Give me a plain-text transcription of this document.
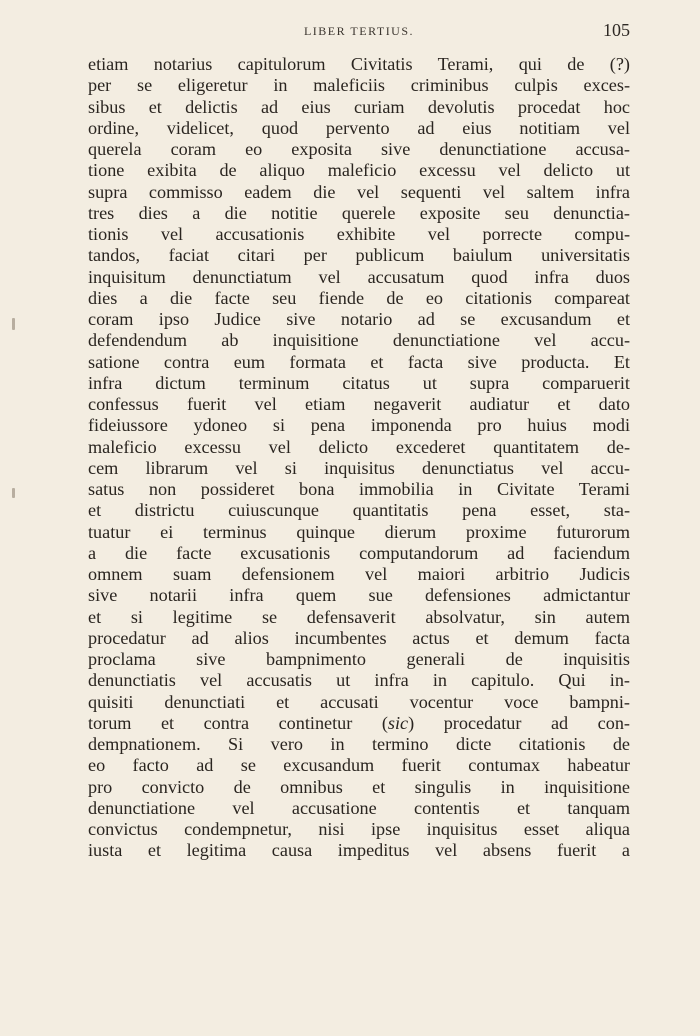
LIBER TERTIUS.	105
etiam notarius capitulorum Civitatis Terami, qui de (?)
per se eligeretur in maleficiis criminibus culpis exces-
sibus et delictis ad eius curiam devolutis procedat hoc
ordine, videlicet, quod pervento ad eius notitiam vel
querela coram eo exposita sive denunctiatione accusa-
tione exibita de aliquo maleficio excessu vel delicto ut
supra commisso eadem die vel sequenti vel saltem infra
tres dies a die notitie querele exposite seu denunctia-
tionis vel accusationis exhibite vel porrecte compu-
tandos, faciat citari per publicum baiulum universitatis
inquisitum denunctiatum vel accusatum quod infra duos
dies a die facte seu fiende de eo citationis compareat
coram ipso Judice sive notario ad se excusandum et
defendendum ab inquisitione denunctiatione vel accu-
satione contra eum formata et facta sive producta. Et
infra dictum terminum citatus ut supra comparuerit
confessus fuerit vel etiam negaverit audiatur et dato
fideiussore ydoneo si pena imponenda pro huius modi
maleficio excessu vel delicto excederet quantitatem de-
cem librarum vel si inquisitus denunctiatus vel accu-
satus non possideret bona immobilia in Civitate Terami
et districtu cuiuscunque quantitatis pena esset, sta-
tuatur ei terminus quinque dierum proxime futurorum
a die facte excusationis computandorum ad faciendum
omnem suam defensionem vel maiori arbitrio Judicis
sive notarii infra quem sue defensiones admictantur
et si legitime se defensaverit absolvatur, sin autem
procedatur ad alios incumbentes actus et demum facta
proclama sive bampnimento generali de inquisitis
denunctiatis vel accusatis ut infra in capitulo. Qui in-
quisiti denunctiati et accusati vocentur voce bampni-
torum et contra continetur (sic) procedatur ad con-
dempnationem. Si vero in termino dicte citationis de
eo facto ad se excusandum fuerit contumax habeatur
pro convicto de omnibus et singulis in inquisitione
denunctiatione vel accusatione contentis et tanquam
convictus condempnetur, nisi ipse inquisitus esset aliqua
iusta et legitima causa impeditus vel absens fuerit a
